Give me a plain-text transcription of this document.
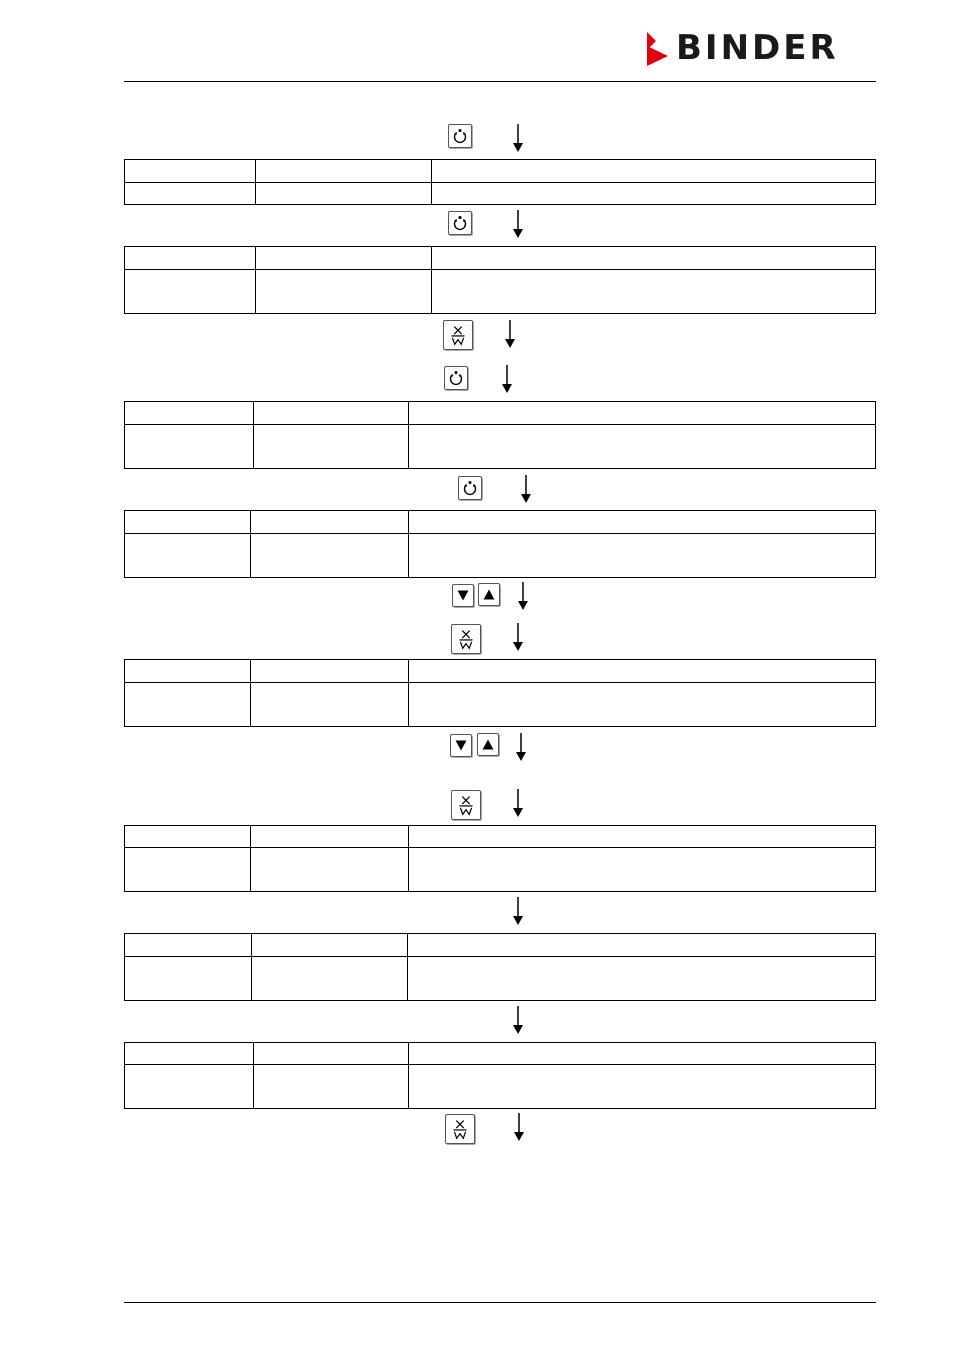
BINDER
